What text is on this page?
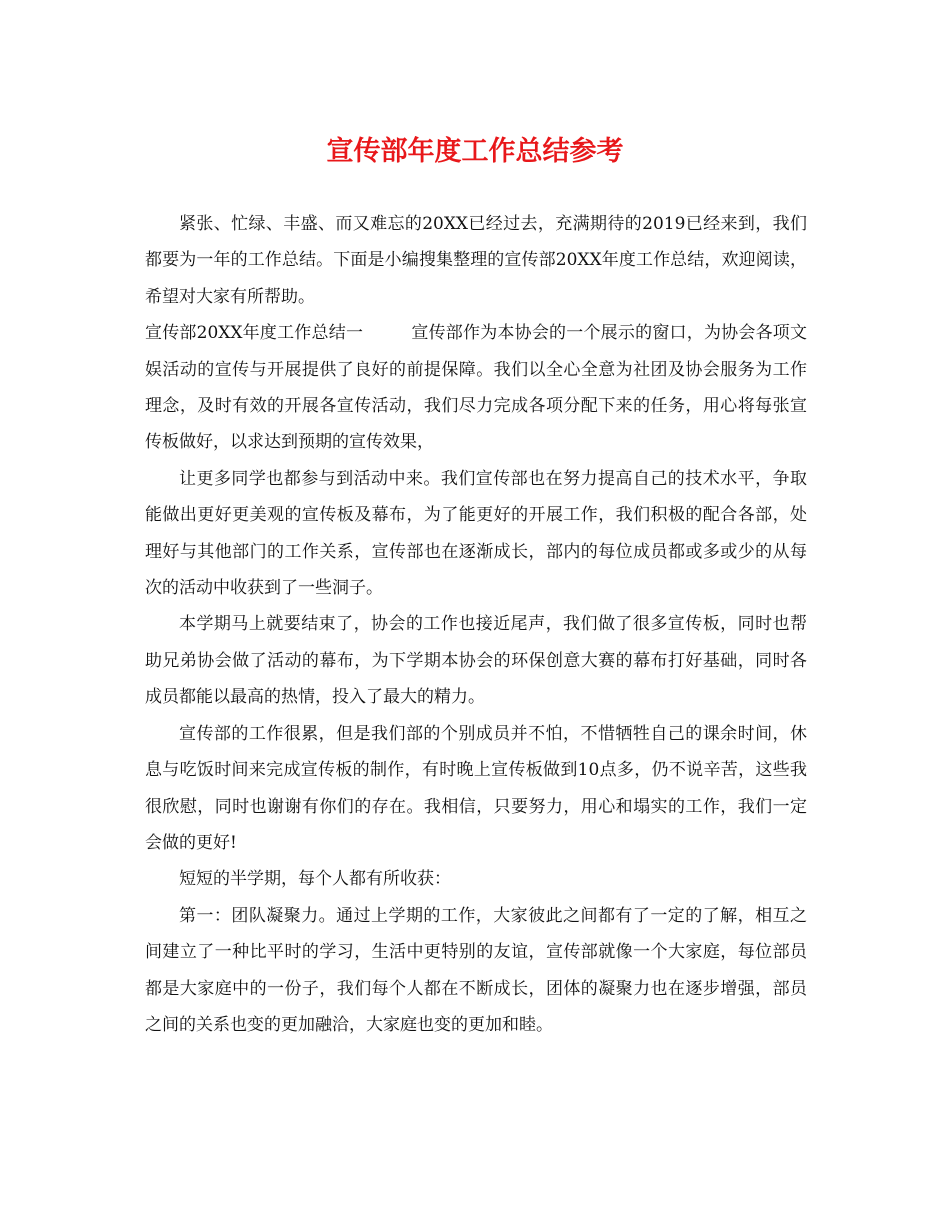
宣传部年度工作总结参考

紧张、忙绿、丰盛、而又难忘的20XX已经过去，充满期待的2019已经来到，我们都要为一年的工作总结。下面是小编搜集整理的宣传部20XX年度工作总结，欢迎阅读，希望对大家有所帮助。

宣传部20XX年度工作总结一	宣传部作为本协会的一个展示的窗口，为协会各项文娱活动的宣传与开展提供了良好的前提保障。我们以全心全意为社团及协会服务为工作理念，及时有效的开展各宣传活动，我们尽力完成各项分配下来的任务，用心将每张宣传板做好，以求达到预期的宣传效果，

让更多同学也都参与到活动中来。我们宣传部也在努力提高自己的技术水平，争取能做出更好更美观的宣传板及幕布，为了能更好的开展工作，我们积极的配合各部，处理好与其他部门的工作关系，宣传部也在逐渐成长，部内的每位成员都或多或少的从每次的活动中收获到了一些洞子。

本学期马上就要结束了，协会的工作也接近尾声，我们做了很多宣传板，同时也帮助兄弟协会做了活动的幕布，为下学期本协会的环保创意大赛的幕布打好基础，同时各成员都能以最高的热情，投入了最大的精力。

宣传部的工作很累，但是我们部的个别成员并不怕，不惜牺牲自己的课余时间，休息与吃饭时间来完成宣传板的制作，有时晚上宣传板做到10点多，仍不说辛苦，这些我很欣慰，同时也谢谢有你们的存在。我相信，只要努力，用心和塌实的工作，我们一定会做的更好!

短短的半学期，每个人都有所收获：

第一：团队凝聚力。通过上学期的工作，大家彼此之间都有了一定的了解，相互之间建立了一种比平时的学习，生活中更特别的友谊，宣传部就像一个大家庭，每位部员都是大家庭中的一份子，我们每个人都在不断成长，团体的凝聚力也在逐步增强，部员之间的关系也变的更加融洽，大家庭也变的更加和睦。
